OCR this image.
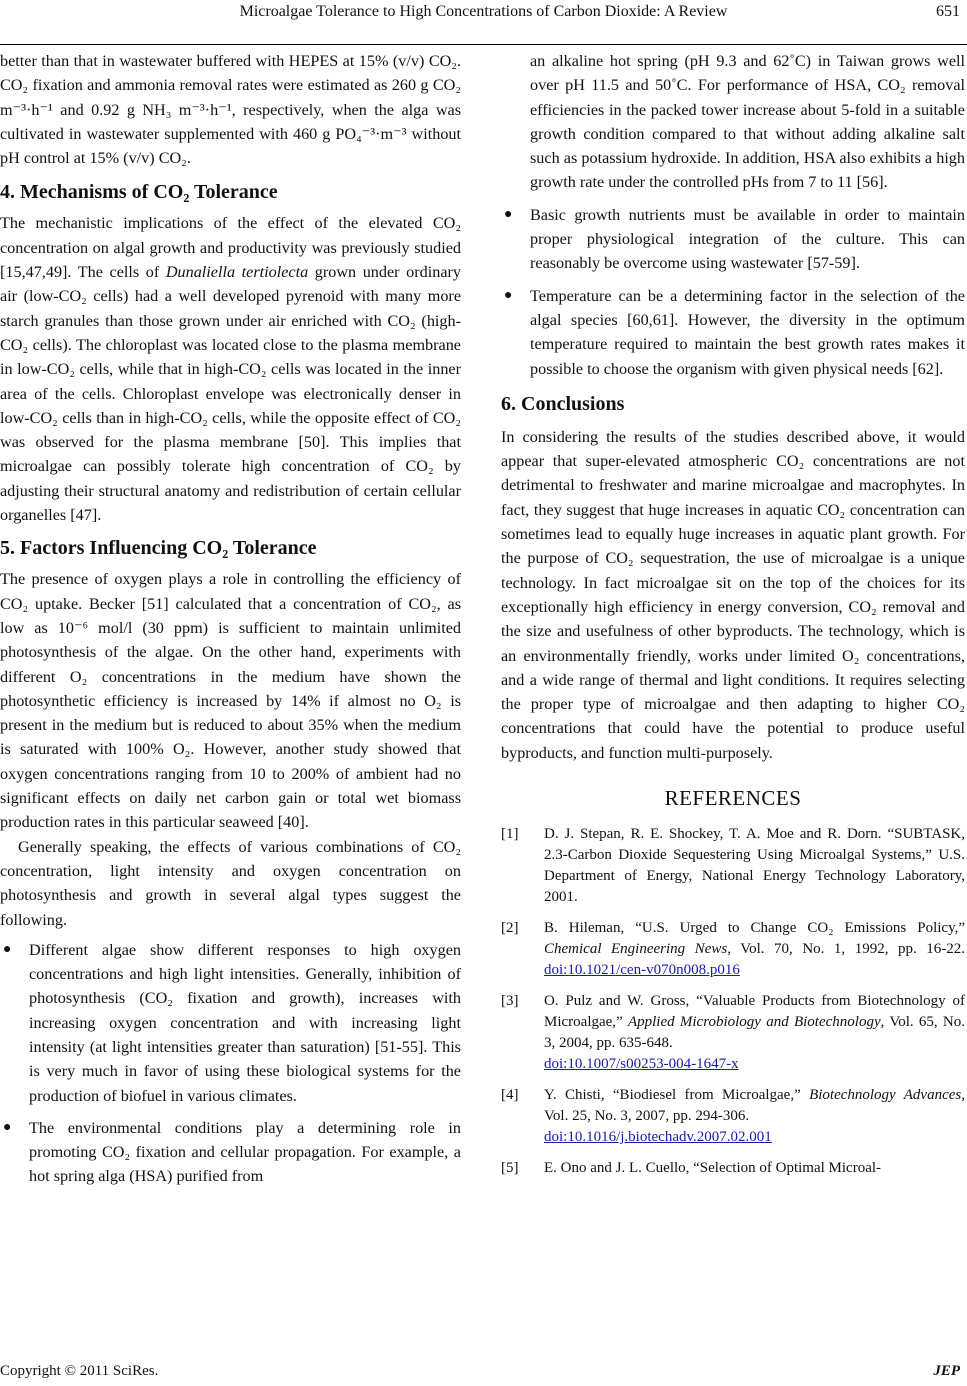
Microalgae Tolerance to High Concentrations of Carbon Dioxide: A Review	651

better than that in wastewater buffered with HEPES at 15% (v/v) CO₂. CO₂ fixation and ammonia removal rates were estimated as 260 g CO₂ m⁻³·h⁻¹ and 0.92 g NH₃ m⁻³·h⁻¹, respectively, when the alga was cultivated in wastewater supplemented with 460 g PO₄⁻³·m⁻³ without pH control at 15% (v/v) CO₂.

4. Mechanisms of CO₂ Tolerance

The mechanistic implications of the effect of the elevated CO₂ concentration on algal growth and productivity was previously studied [15,47,49]. The cells of Dunaliella tertiolecta grown under ordinary air (low-CO₂ cells) had a well developed pyrenoid with many more starch granules than those grown under air enriched with CO₂ (high-CO₂ cells). The chloroplast was located close to the plasma membrane in low-CO₂ cells, while that in high-CO₂ cells was located in the inner area of the cells. Chloroplast envelope was electronically denser in low-CO₂ cells than in high-CO₂ cells, while the opposite effect of CO₂ was observed for the plasma membrane [50]. This implies that microalgae can possibly tolerate high concentration of CO₂ by adjusting their structural anatomy and redistribution of certain cellular organelles [47].

5. Factors Influencing CO₂ Tolerance

The presence of oxygen plays a role in controlling the efficiency of CO₂ uptake. Becker [51] calculated that a concentration of CO₂, as low as 10⁻⁶ mol/l (30 ppm) is sufficient to maintain unlimited photosynthesis of the algae. On the other hand, experiments with different O₂ concentrations in the medium have shown the photosynthetic efficiency is increased by 14% if almost no O₂ is present in the medium but is reduced to about 35% when the medium is saturated with 100% O₂. However, another study showed that oxygen concentrations ranging from 10 to 200% of ambient had no significant effects on daily net carbon gain or total wet biomass production rates in this particular seaweed [40].

Generally speaking, the effects of various combinations of CO₂ concentration, light intensity and oxygen concentration on photosynthesis and growth in several algal types suggest the following.

● Different algae show different responses to high oxygen concentrations and high light intensities. Generally, inhibition of photosynthesis (CO₂ fixation and growth), increases with increasing oxygen concentration and with increasing light intensity (at light intensities greater than saturation) [51-55]. This is very much in favor of using these biological systems for the production of biofuel in various climates.
● The environmental conditions play a determining role in promoting CO₂ fixation and cellular propagation. For example, a hot spring alga (HSA) purified from
an alkaline hot spring (pH 9.3 and 62˚C) in Taiwan grows well over pH 11.5 and 50˚C. For performance of HSA, CO₂ removal efficiencies in the packed tower increase about 5-fold in a suitable growth condition compared to that without adding alkaline salt such as potassium hydroxide. In addition, HSA also exhibits a high growth rate under the controlled pHs from 7 to 11 [56].
● Basic growth nutrients must be available in order to maintain proper physiological integration of the culture. This can reasonably be overcome using wastewater [57-59].
● Temperature can be a determining factor in the selection of the algal species [60,61]. However, the diversity in the optimum temperature required to maintain the best growth rates makes it possible to choose the organism with given physical needs [62].
6. Conclusions

In considering the results of the studies described above, it would appear that super-elevated atmospheric CO₂ concentrations are not detrimental to freshwater and marine microalgae and macrophytes. In fact, they suggest that huge increases in aquatic CO₂ concentration can sometimes lead to equally huge increases in aquatic plant growth. For the purpose of CO₂ sequestration, the use of microalgae is a unique technology. In fact microalgae sit on the top of the choices for its exceptionally high efficiency in energy conversion, CO₂ removal and the size and usefulness of other byproducts. The technology, which is an environmentally friendly, works under limited O₂ concentrations, and a wide range of thermal and light conditions. It requires selecting the proper type of microalgae and then adapting to higher CO₂ concentrations that could have the potential to produce useful byproducts, and function multi-purposely.

REFERENCES
[1]	D. J. Stepan, R. E. Shockey, T. A. Moe and R. Dorn. “SUBTASK, 2.3-Carbon Dioxide Sequestering Using Microalgal Systems,” U.S. Department of Energy, National Energy Technology Laboratory, 2001.
[2]	B. Hileman, “U.S. Urged to Change CO₂ Emissions Policy,” Chemical Engineering News, Vol. 70, No. 1, 1992, pp. 16-22. doi:10.1021/cen-v070n008.p016
[3]	O. Pulz and W. Gross, “Valuable Products from Biotechnology of Microalgae,” Applied Microbiology and Biotechnology, Vol. 65, No. 3, 2004, pp. 635-648.
doi:10.1007/s00253-004-1647-x
[4]	Y. Chisti, “Biodiesel from Microalgae,” Biotechnology Advances, Vol. 25, No. 3, 2007, pp. 294-306.
doi:10.1016/j.biotechadv.2007.02.001
[5]	E. Ono and J. L. Cuello, “Selection of Optimal Microal-
Copyright © 2011 SciRes.	JEP
